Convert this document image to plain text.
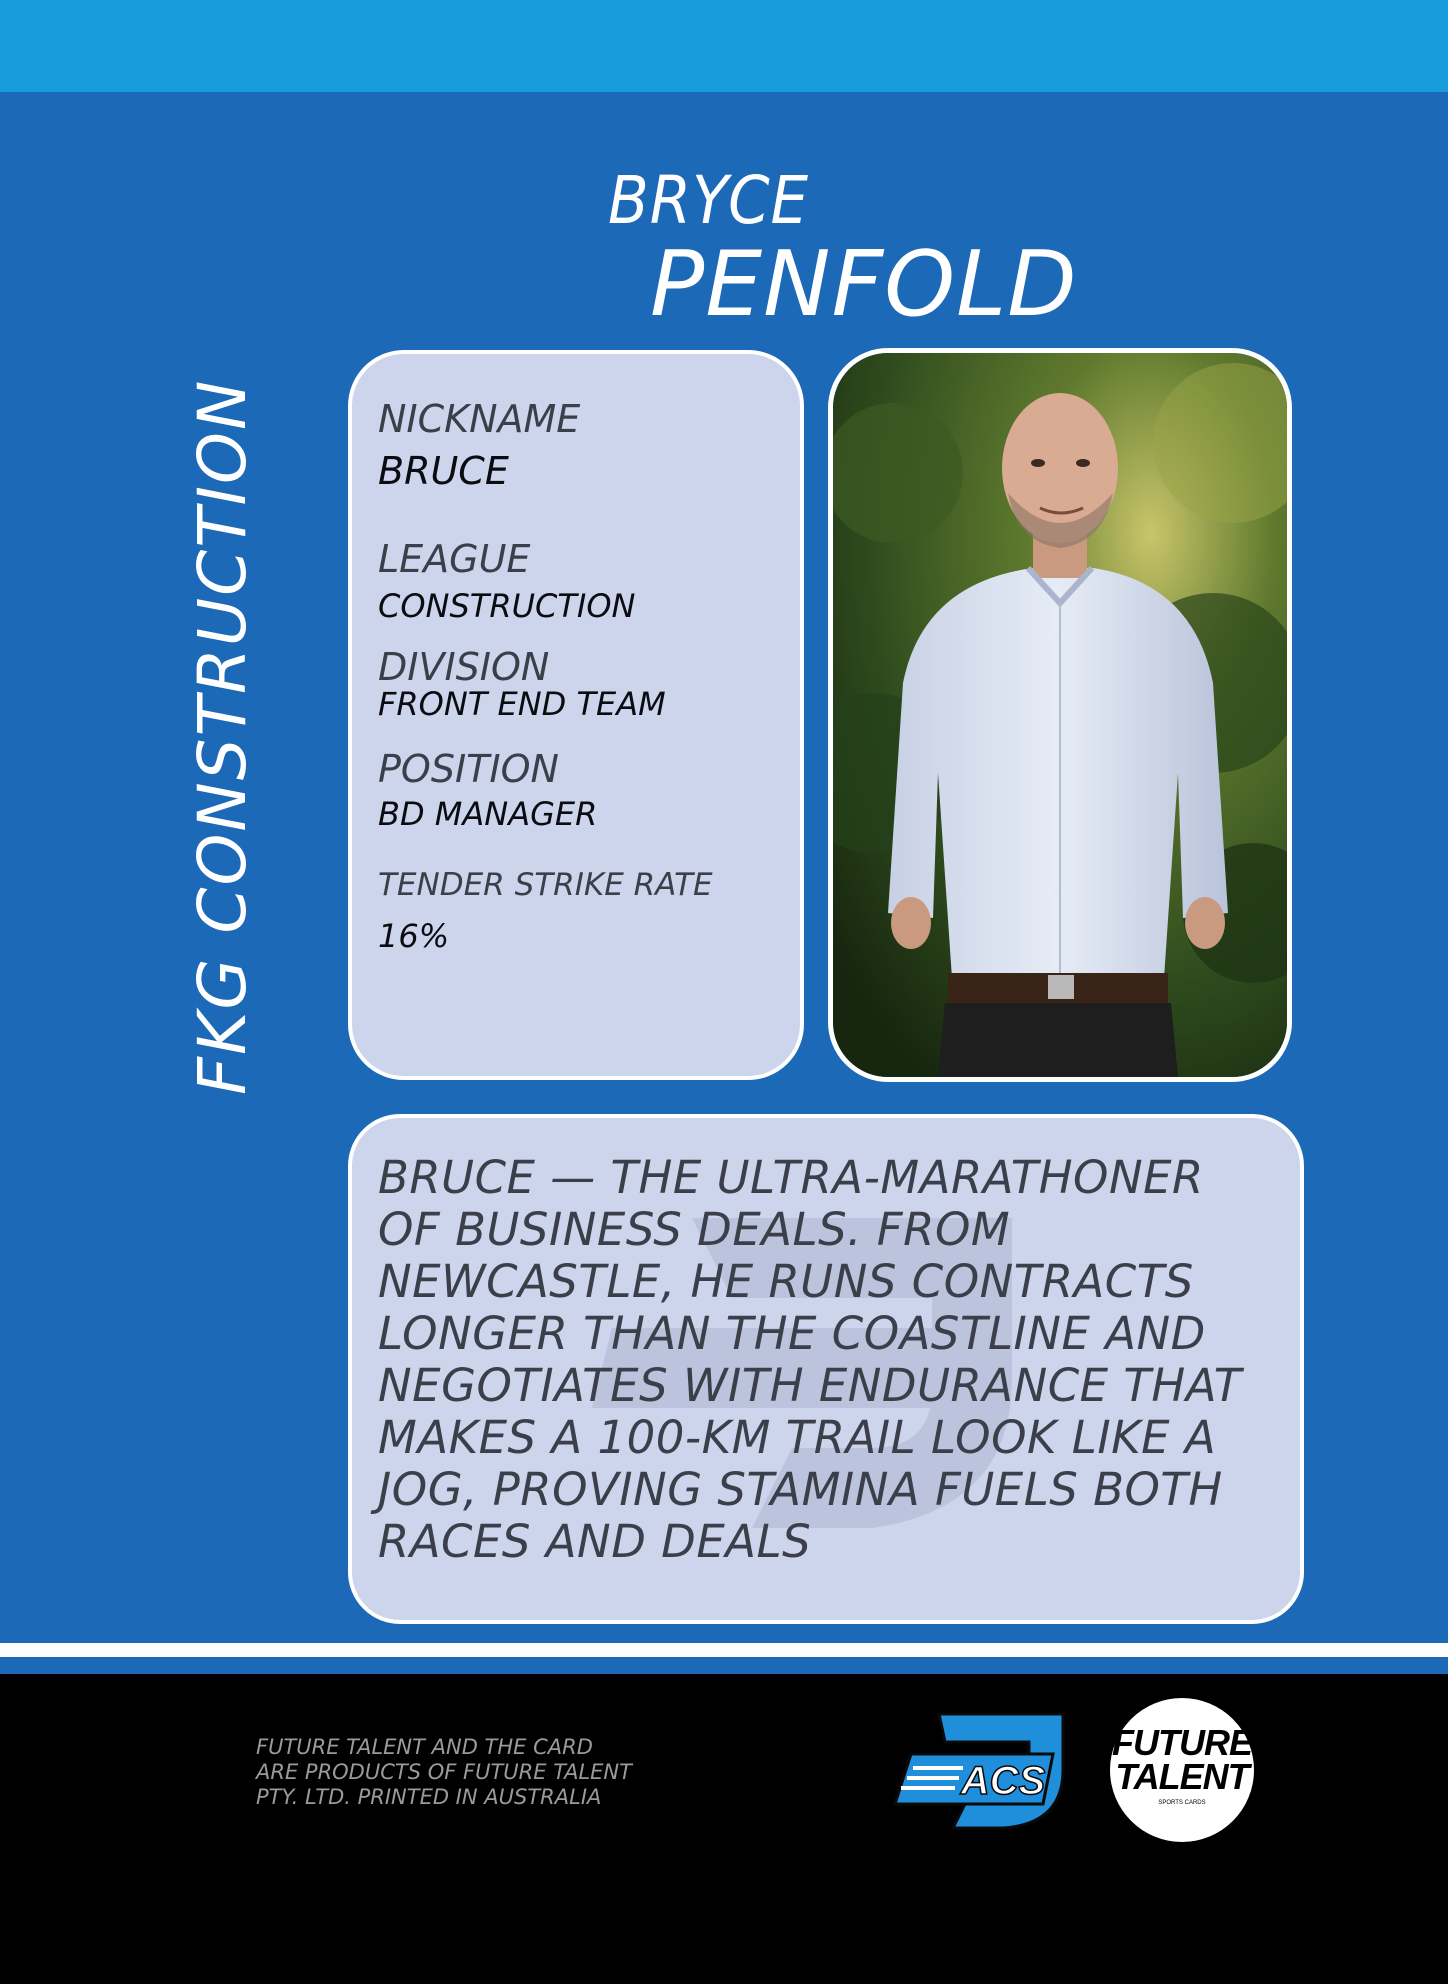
BRYCE
PENFOLD
FKG CONSTRUCTION	NICKNAME
BRUCE
LEAGUE
CONSTRUCTION
DIVISION
FRONT END TEAM
POSITION
BD MANAGER
TENDER STRIKE RATE
16%
BRUCE — THE ULTRA-MARATHONER OF BUSINESS DEALS. FROM NEWCASTLE, HE RUNS CONTRACTS LONGER THAN THE COASTLINE AND NEGOTIATES WITH ENDURANCE THAT MAKES A 100-KM TRAIL LOOK LIKE A JOG, PROVING STAMINA FUELS BOTH RACES AND DEALS
FUTURE TALENT AND THE CARD
ARE PRODUCTS OF FUTURE TALENT
PTY. LTD. PRINTED IN AUSTRALIA	ACS
FUTURE
TALENT
SPORTS CARDS
